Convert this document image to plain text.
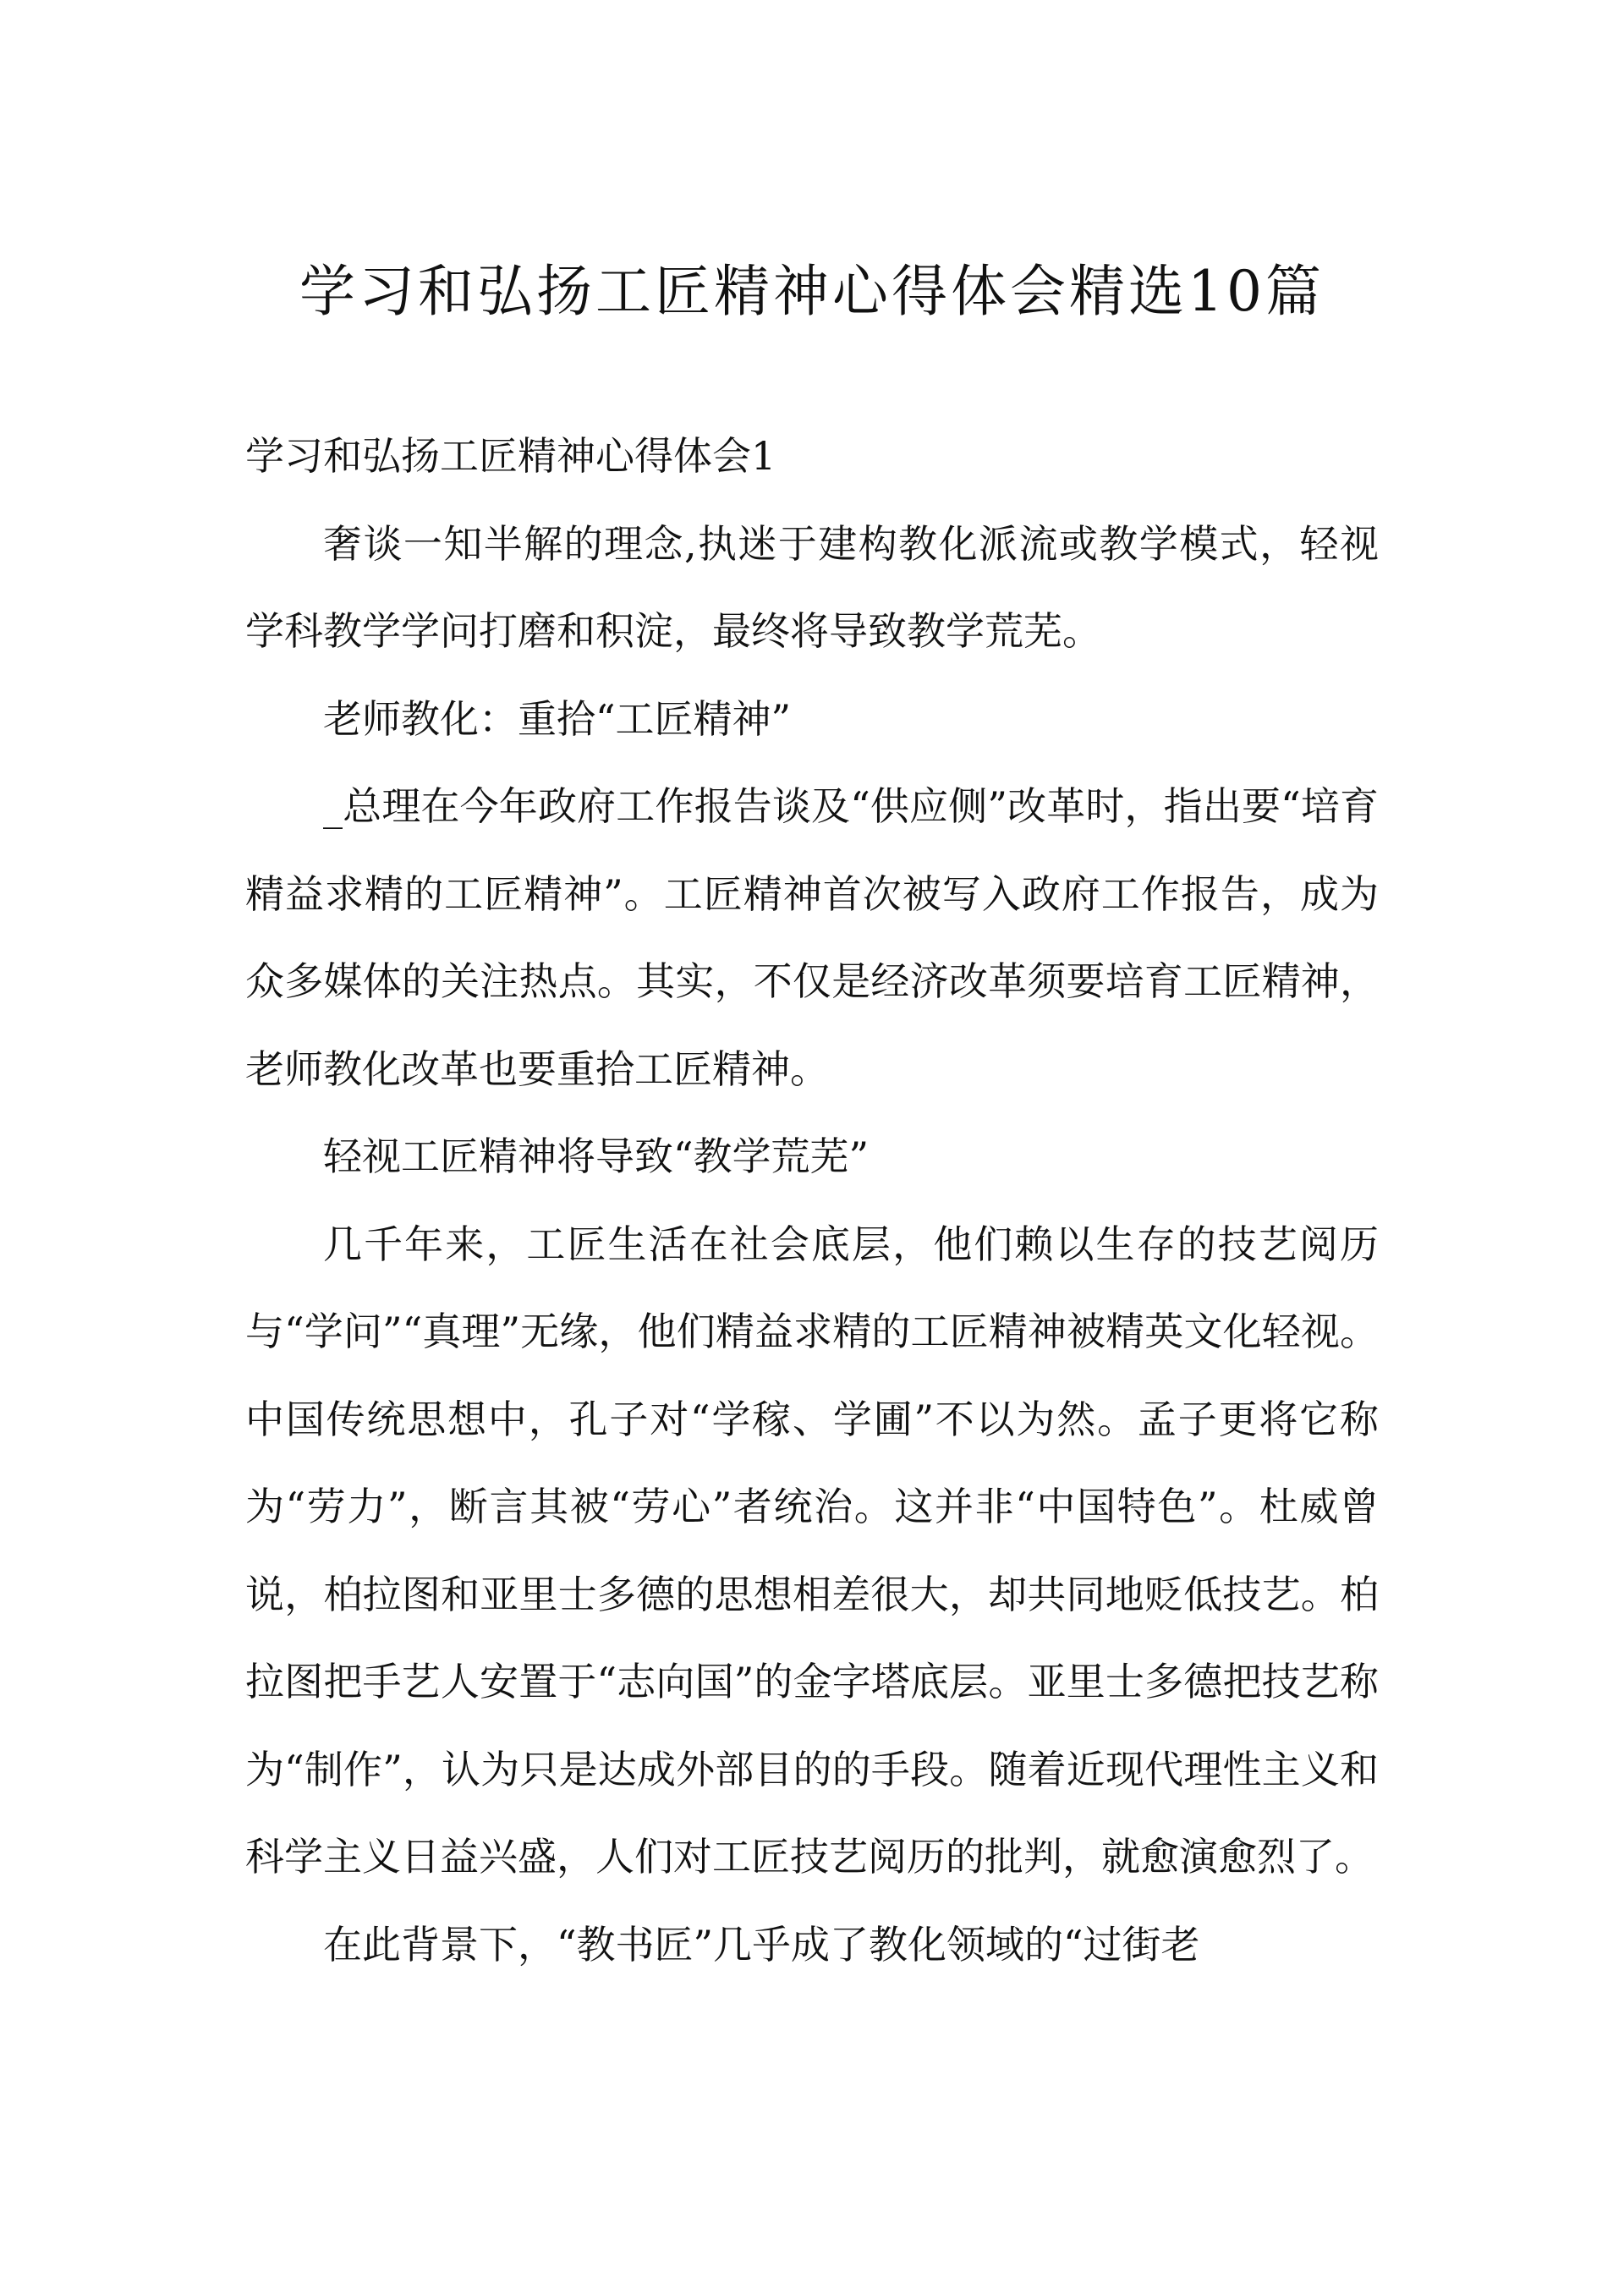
学习和弘扬工匠精神心得体会精选10篇

学习和弘扬工匠精神心得体会1

奢谈一知半解的理念,执迷于建构教化派流或教学模式，轻视学科教学学问打磨和积淀，最终将导致教学荒芜。

老师教化：重拾“工匠精神”

_总理在今年政府工作报告谈及“供应侧”改革时，指出要“培育精益求精的工匠精神”。工匠精神首次被写入政府工作报告，成为众多媒体的关注热点。其实，不仅是经济改革须要培育工匠精神，老师教化改革也要重拾工匠精神。

轻视工匠精神将导致“教学荒芜”

几千年来，工匠生活在社会底层，他们赖以生存的技艺阅历与“学问”“真理”无缘，他们精益求精的工匠精神被精英文化轻视。中国传统思想中，孔子对“学稼、学圃”不以为然。孟子更将它称为“劳力”，断言其被“劳心”者统治。这并非“中国特色”。杜威曾说，柏拉图和亚里士多德的思想相差很大，却共同地贬低技艺。柏拉图把手艺人安置于“志向国”的金字塔底层。亚里士多德把技艺称为“制作”，认为只是达成外部目的的手段。随着近现代理性主义和科学主义日益兴盛，人们对工匠技艺阅历的批判，就愈演愈烈了。

在此背景下，“教书匠”几乎成了教化领域的“过街老
